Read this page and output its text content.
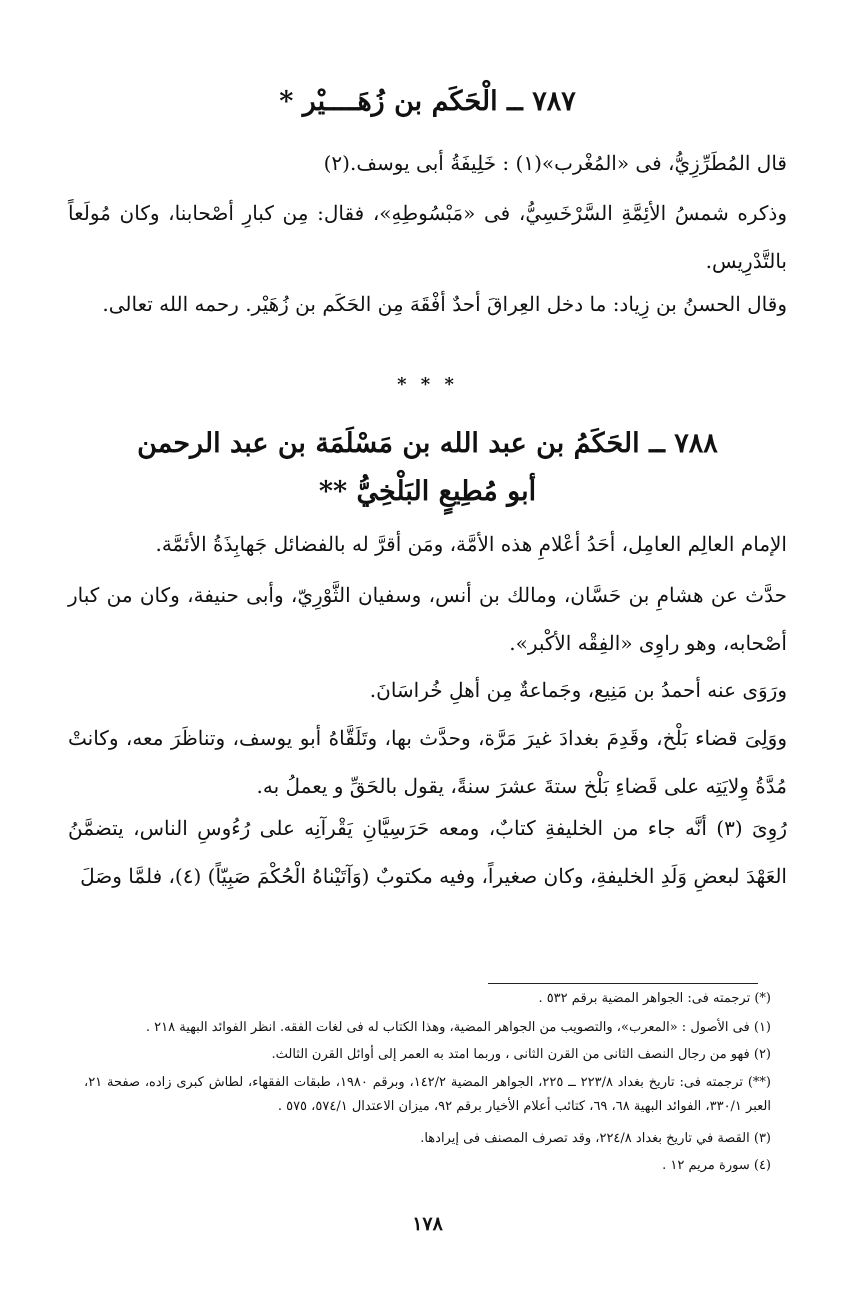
٧٨٧ ــ الْحَكَم بن زُهَــــيْر *
قال المُطَرِّزِيُّ، فى «المُغْرب»(١) : خَلِيفَةُ أبى يوسف.(٢)
وذكره شمسُ الأئِمَّةِ السَّرْخَسِيُّ، فى «مَبْسُوطِهِ»، فقال: مِن كبارِ أصْحابنا، وكان مُولَعاً بالتَّدْرِيس.
وقال الحسنُ بن زِياد: ما دخل العِراقَ أحدٌ أفْقَهَ مِن الحَكَم بن زُهَيْر. رحمه الله تعالى.
* * *
٧٨٨ ــ الحَكَمُ بن عبد الله بن مَسْلَمَة بن عبد الرحمن
أبو مُطِيعٍ البَلْخِيُّ **
الإمام العالِم العامِل، أحَدُ أعْلامِ هذه الأمَّة، ومَن أقرَّ له بالفضائل جَهابِذَةُ الأئمَّة.
حدَّث عن هشامِ بن حَسَّان، ومالك بن أنس، وسفيان الثَّوْرِيّ، وأبى حنيفة، وكان من كبار أصْحابه، وهو راوِى «الفِقْه الأكْبر».
ورَوَى عنه أحمدُ بن مَنِيع، وجَماعةٌ مِن أهلِ خُراسَانَ.
ووَلِىَ قضاء بَلْخ، وقَدِمَ بغدادَ غيرَ مَرَّة، وحدَّث بها، وتَلَقَّاهُ أبو يوسف، وتناظَرَ معه، وكانتْ مُدَّةُ وِلايَتِه على قَضاءِ بَلْخ ستةَ عشرَ سنةً، يقول بالحَقِّ و يعملُ به.
رُوِىَ (٣) أنَّه جاء من الخليفةِ كتابٌ، ومعه حَرَسِيَّانِ يَقْرآنِه على رُءُوسِ الناس، يتضمَّنُ العَهْدَ لبعضِ وَلَدِ الخليفةِ، وكان صغيراً، وفيه مكتوبٌ (وَآتَيْناهُ الْحُكْمَ صَبِيّاً) (٤)، فلمَّا وصَلَ
(*) ترجمته فى: الجواهر المضية برقم ٥٣٢ .
(١) فى الأصول : «المعرب»، والتصويب من الجواهر المضية، وهذا الكتاب له فى لغات الفقه. انظر الفوائد البهية ٢١٨ .
(٢) فهو من رجال النصف الثانى من القرن الثانى ، وربما امتد به العمر إلى أوائل القرن الثالث.
(**) ترجمته فى: تاريخ بغداد ٢٢٣/٨ ــ ٢٢٥، الجواهر المضية ١٤٢/٢، وبرقم ١٩٨٠، طبقات الفقهاء، لطاش كبرى زاده، صفحة ٢١، العبر ٣٣٠/١، الفوائد البهية ٦٨، ٦٩، كتائب أعلام الأخيار برقم ٩٢، ميزان الاعتدال ٥٧٤/١، ٥٧٥ .
(٣) القصة في تاريخ بغداد ٢٢٤/٨، وقد تصرف المصنف فى إيرادها.
(٤) سورة مريم ١٢ .
١٧٨
